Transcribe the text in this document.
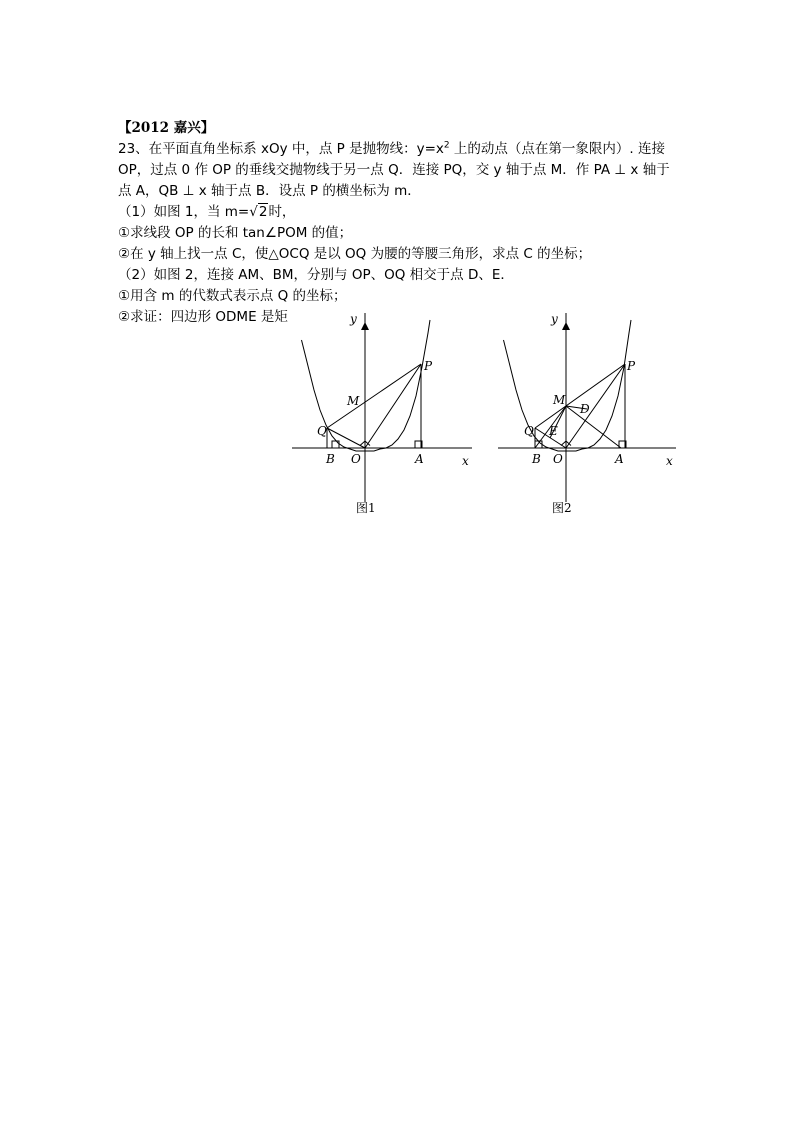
【2012 嘉兴】
23、在平面直角坐标系 xOy 中，点 P 是抛物线：$y=x^2$ 上的动点（点在第一象限内）. 连接
OP，过点 0 作 OP 的垂线交抛物线于另一点 Q．连接 PQ，交 y 轴于点 M．作 PA ⊥ x 轴于
点 A，QB ⊥ x 轴于点 B．设点 P 的横坐标为 m．
（1）如图 1，当 m=√2时，
①求线段 OP 的长和 tan∠POM 的值；
②在 y 轴上找一点 C，使△OCQ 是以 OQ 为腰的等腰三角形，求点 C 的坐标；
（2）如图 2，连接 AM、BM，分别与 OP、OQ 相交于点 D、E．
①用含 m 的代数式表示点 Q 的坐标；
②求证：四边形 ODME 是矩	y
x
P
M
Q
B O	A
图1
y
x
P
M
D
Q E
B O	A
图2
